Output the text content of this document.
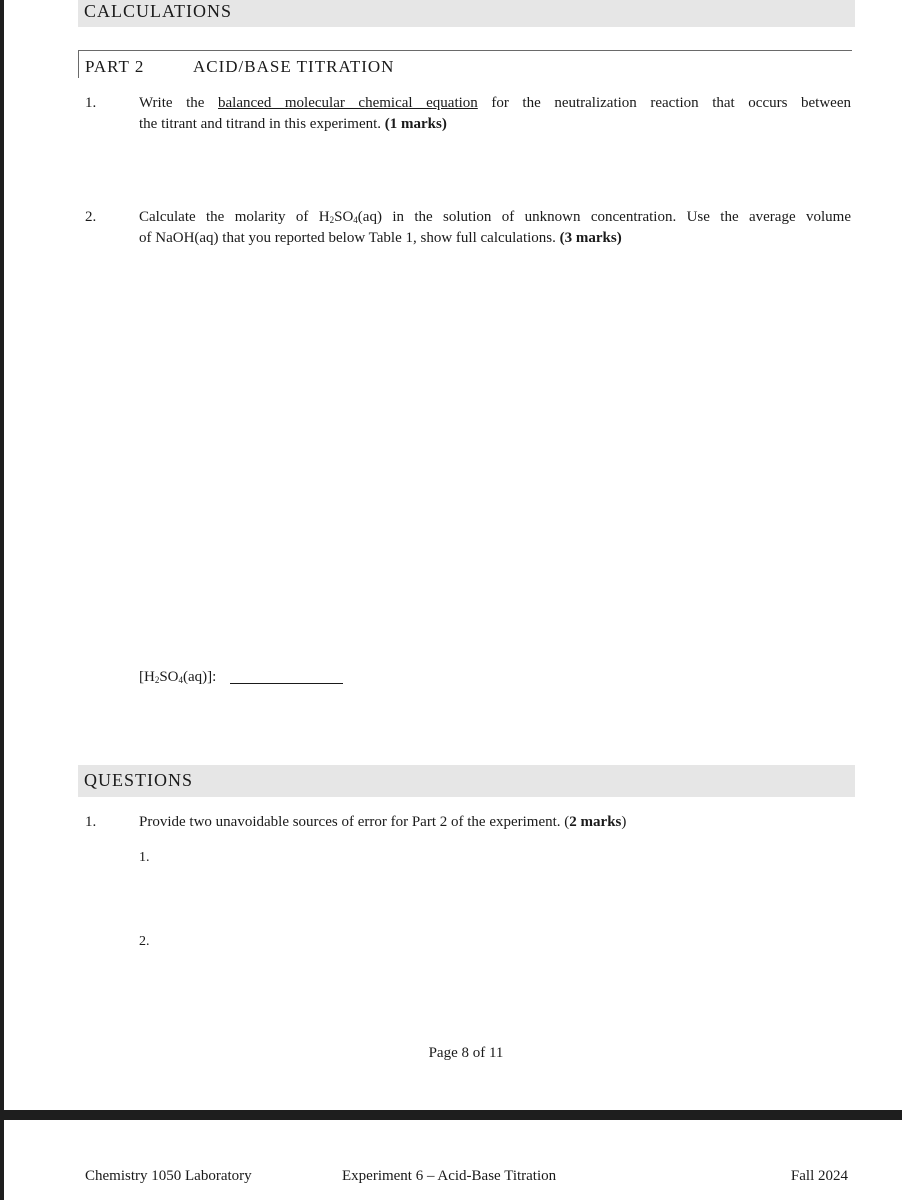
CALCULATIONS
PART 2	ACID/BASE TITRATION
1.	Write the balanced molecular chemical equation for the neutralization reaction that occurs between
the titrant and titrand in this experiment. (1 marks)
2.	Calculate the molarity of $H_2SO_4(aq)$ in the solution of unknown concentration. Use the average volume
of NaOH(aq) that you reported below Table 1, show full calculations. (3 marks)
$[H_2SO_4(aq)]$:
QUESTIONS
1.	Provide two unavoidable sources of error for Part 2 of the experiment. (2 marks)
1.
2.
Page 8 of 11
Chemistry 1050 Laboratory	Experiment 6 – Acid-Base Titration	Fall 2024
